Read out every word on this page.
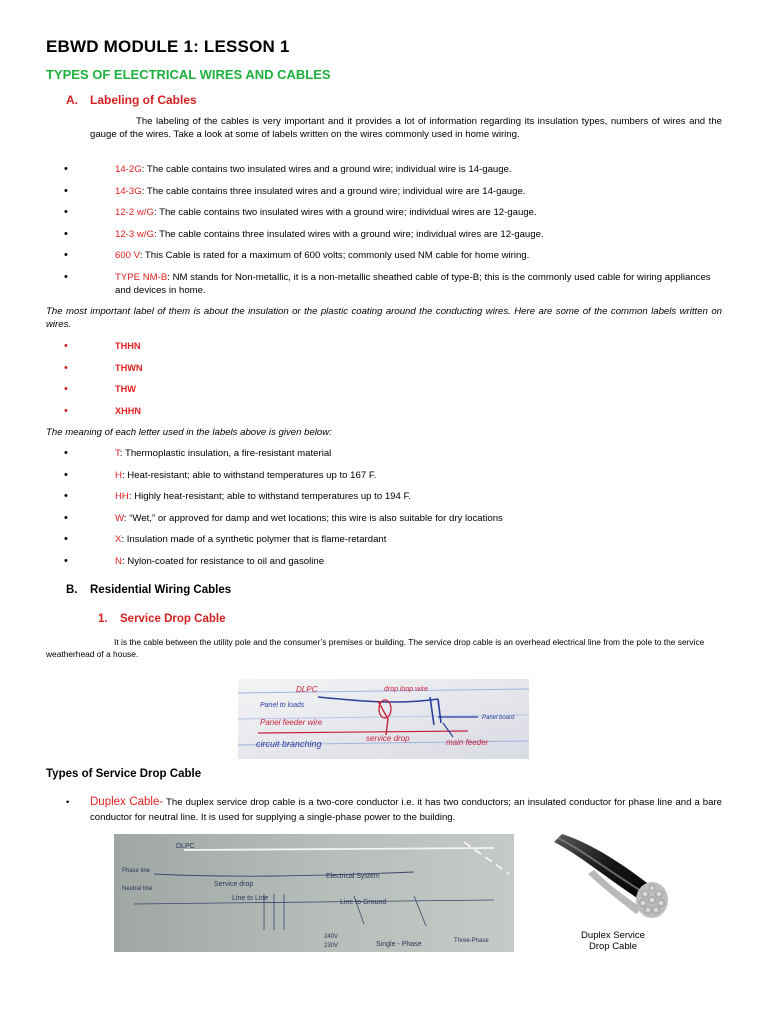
EBWD MODULE 1: LESSON 1
TYPES OF ELECTRICAL WIRES AND CABLES
A. Labeling of Cables

The labeling of the cables is very important and it provides a lot of information regarding its insulation types, numbers of wires and the gauge of the wires. Take a look at some of labels written on the wires commonly used in home wiring.

•	14-2G: The cable contains two insulated wires and a ground wire; individual wire is 14-gauge.
•	14-3G: The cable contains three insulated wires and a ground wire; individual wire are 14-gauge.
•	12-2 w/G: The cable contains two insulated wires with a ground wire; individual wires are 12-gauge.
•	12-3 w/G: The cable contains three insulated wires with a ground wire; individual wires are 12-gauge.
•	600 V: This Cable is rated for a maximum of 600 volts; commonly used NM cable for home wiring.
•	TYPE NM-B: NM stands for Non-metallic, it is a non-metallic sheathed cable of type-B; this is the commonly used cable for wiring appliances and devices in home.

The most important label of them is about the insulation or the plastic coating around the conducting wires. Here are some of the common labels written on wires.

•	THHN
•	THWN
•	THW
•	XHHN

The meaning of each letter used in the labels above is given below:

•	T: Thermoplastic insulation, a fire-resistant material
•	H: Heat-resistant; able to withstand temperatures up to 167 F.
•	HH: Highly heat-resistant; able to withstand temperatures up to 194 F.
•	W: “Wet,” or approved for damp and wet locations; this wire is also suitable for dry locations
•	X: Insulation made of a synthetic polymer that is flame-retardant
•	N: Nylon-coated for resistance to oil and gasoline
B. Residential Wiring Cables
1. Service Drop Cable

It is the cable between the utility pole and the consumer’s premises or building. The service drop cable is an overhead electrical line from the pole to the service weatherhead of a house.

DLPC	drop loop wire
Panel to loads
Panel feeder wire
circuit branching
service drop	main feeder
Panel board
Types of Service Drop Cable
• Duplex Cable- The duplex service drop cable is a two-core conductor i.e. it has two conductors; an insulated conductor for phase line and a bare conductor for neutral line. It is used for supplying a single-phase power to the building.
Phase line
DLPC
Neutral line
Service drop
Electrical System
Line to Line
Line to Ground
Single - Phase	Three-Phase
240V
230V
Duplex Service
Drop Cable
